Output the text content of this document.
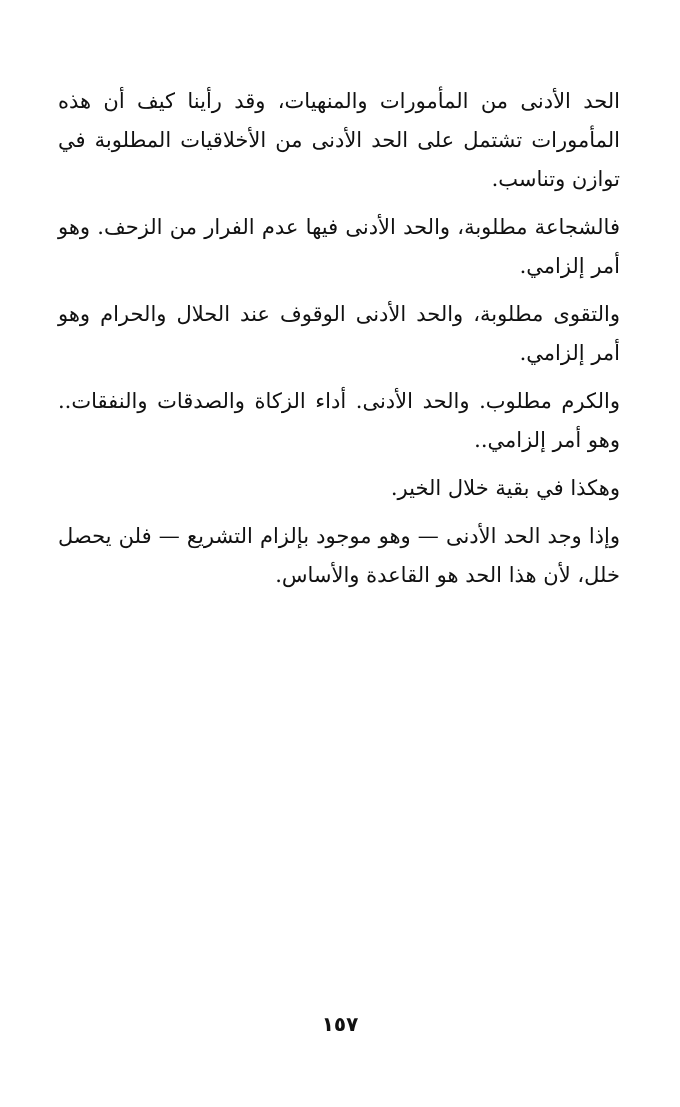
الحد الأدنى من المأمورات والمنهيات، وقد رأينا كيف أن هذه المأمورات تشتمل على الحد الأدنى من الأخلاقيات المطلوبة في توازن وتناسب.

فالشجاعة مطلوبة، والحد الأدنى فيها عدم الفرار من الزحف. وهو أمر إلزامي.

والتقوى مطلوبة، والحد الأدنى الوقوف عند الحلال والحرام وهو أمر إلزامي.

والكرم مطلوب. والحد الأدنى. أداء الزكاة والصدقات والنفقات.. وهو أمر إلزامي..

وهكذا في بقية خلال الخير.

وإذا وجد الحد الأدنى — وهو موجود بإلزام التشريع — فلن يحصل خلل، لأن هذا الحد هو القاعدة والأساس.

١٥٧
